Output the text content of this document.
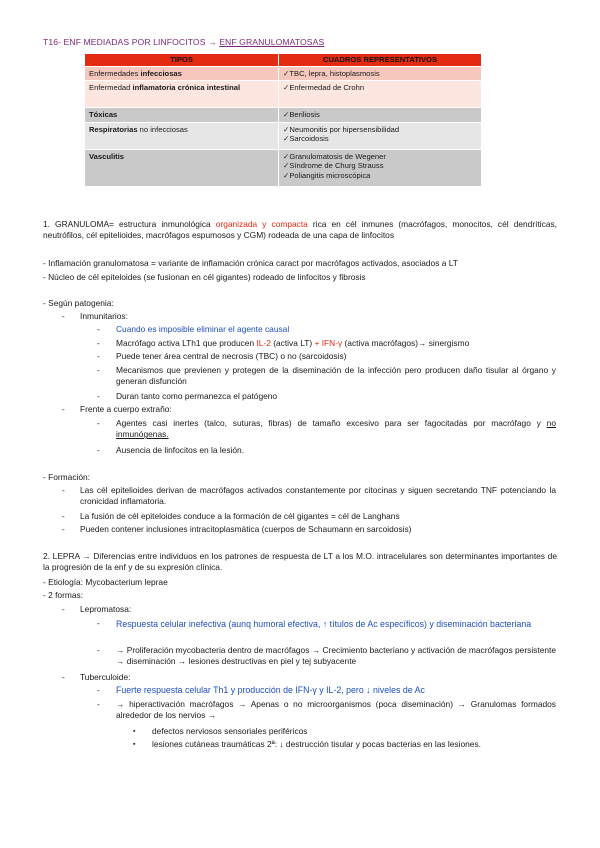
T16- ENF MEDIADAS POR LINFOCITOS → ENF GRANULOMATOSAS
TIPOS	CUADROS REPRESENTATIVOS
Enfermedades infecciosas	✓TBC, lepra, histoplasmosis

Enfermedad inflamatoria crónica intestinal	✓Enfermedad de Crohn

Tóxicas	✓Beriliosis

Respiratorias no infecciosas	✓Neumonitis por hipersensibilidad
✓Sarcoidosis

Vasculitis	✓Granulomatosis de Wegener
✓Síndrome de Churg Strauss
✓Poliangitis microscópica
1. GRANULOMA= estructura inmunológica organizada y compacta rica en cél inmunes (macrófagos, monocitos, cél dendríticas, neutrófilos, cél epitelioides, macrófagos espumosos y CGM) rodeada de una capa de linfocitos
- Inflamación granulomatosa = variante de inflamación crónica caract por macrófagos activados, asociados a LT
- Núcleo de cél epiteloides (se fusionan en cél gigantes) rodeado de linfocitos y fibrosis
- Según patogenia:
- Inmunitarios:
- Cuando es imposible eliminar el agente causal
- Macrófago activa LTh1 que producen IL-2 (activa LT) + IFN-γ (activa macrófagos)→ sinergismo
- Puede tener área central de necrosis (TBC) o no (sarcoidosis)
- Mecanismos que previenen y protegen de la diseminación de la infección pero producen daño tisular al órgano y generan disfunción
- Duran tanto como permanezca el patógeno
- Frente a cuerpo extraño:
- Agentes casi inertes (talco, suturas, fibras) de tamaño excesivo para ser fagocitadas por macrófago y no inmunógenas.
- Ausencia de linfocitos en la lesión.
- Formación:
- Las cél epitelioides derivan de macrófagos activados constantemente por citocinas y siguen secretando TNF potenciando la cronicidad inflamatoria.
- La fusión de cél epiteloides conduce a la formación de cél gigantes = cél de Langhans
- Pueden contener inclusiones intracitoplasmática (cuerpos de Schaumann en sarcoidosis)
2. LEPRA → Diferencias entre individuos en los patrones de respuesta de LT a los M.O. intracelulares son determinantes importantes de la progresión de la enf y de su expresión clínica.
- Etiología: Mycobacterium leprae
- 2 formas:
- Lepromatosa:
- Respuesta celular inefectiva (aunq humoral efectiva, ↑ títulos de Ac específicos) y diseminación bacteriana
- → Proliferación mycobacteria dentro de macrófagos → Crecimiento bacteriano y activación de macrófagos persistente → diseminación → lesiones destructivas en piel y tej subyacente
- Tuberculoide:
- Fuerte respuesta celular Th1 y producción de IFN-γ y IL-2, pero ↓ niveles de Ac
- → hiperactivación macrófagos → Apenas o no microorganismos (poca diseminación) → Granulomas formados alrededor de los nervios →
▪ defectos nerviosos sensoriales periféricos
▪ lesiones cutáneas traumáticas 2ª: ↓ destrucción tisular y pocas bacterias en las lesiones.
